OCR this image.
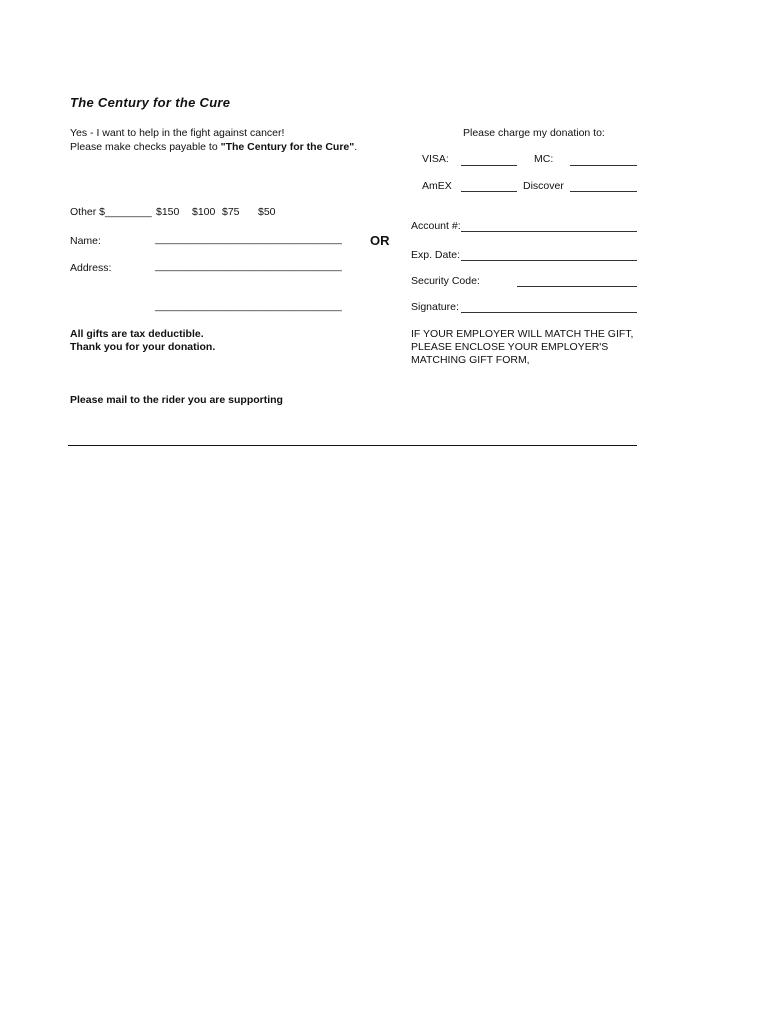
The Century for the Cure
Yes - I want to help in the fight against cancer!
Please make checks payable to "The Century for the Cure".
Other $________ $150 $100 $75 $50
Name:	________________________________
Address:	________________________________
________________________________
OR
Please charge my donation to:
VISA:	MC:
AmEX	Discover
Account #:
Exp. Date:
Security Code:
Signature:
All gifts are tax deductible.
Thank you for your donation.
IF YOUR EMPLOYER WILL MATCH THE GIFT, PLEASE ENCLOSE YOUR EMPLOYER'S MATCHING GIFT FORM,
Please mail to the rider you are supporting
